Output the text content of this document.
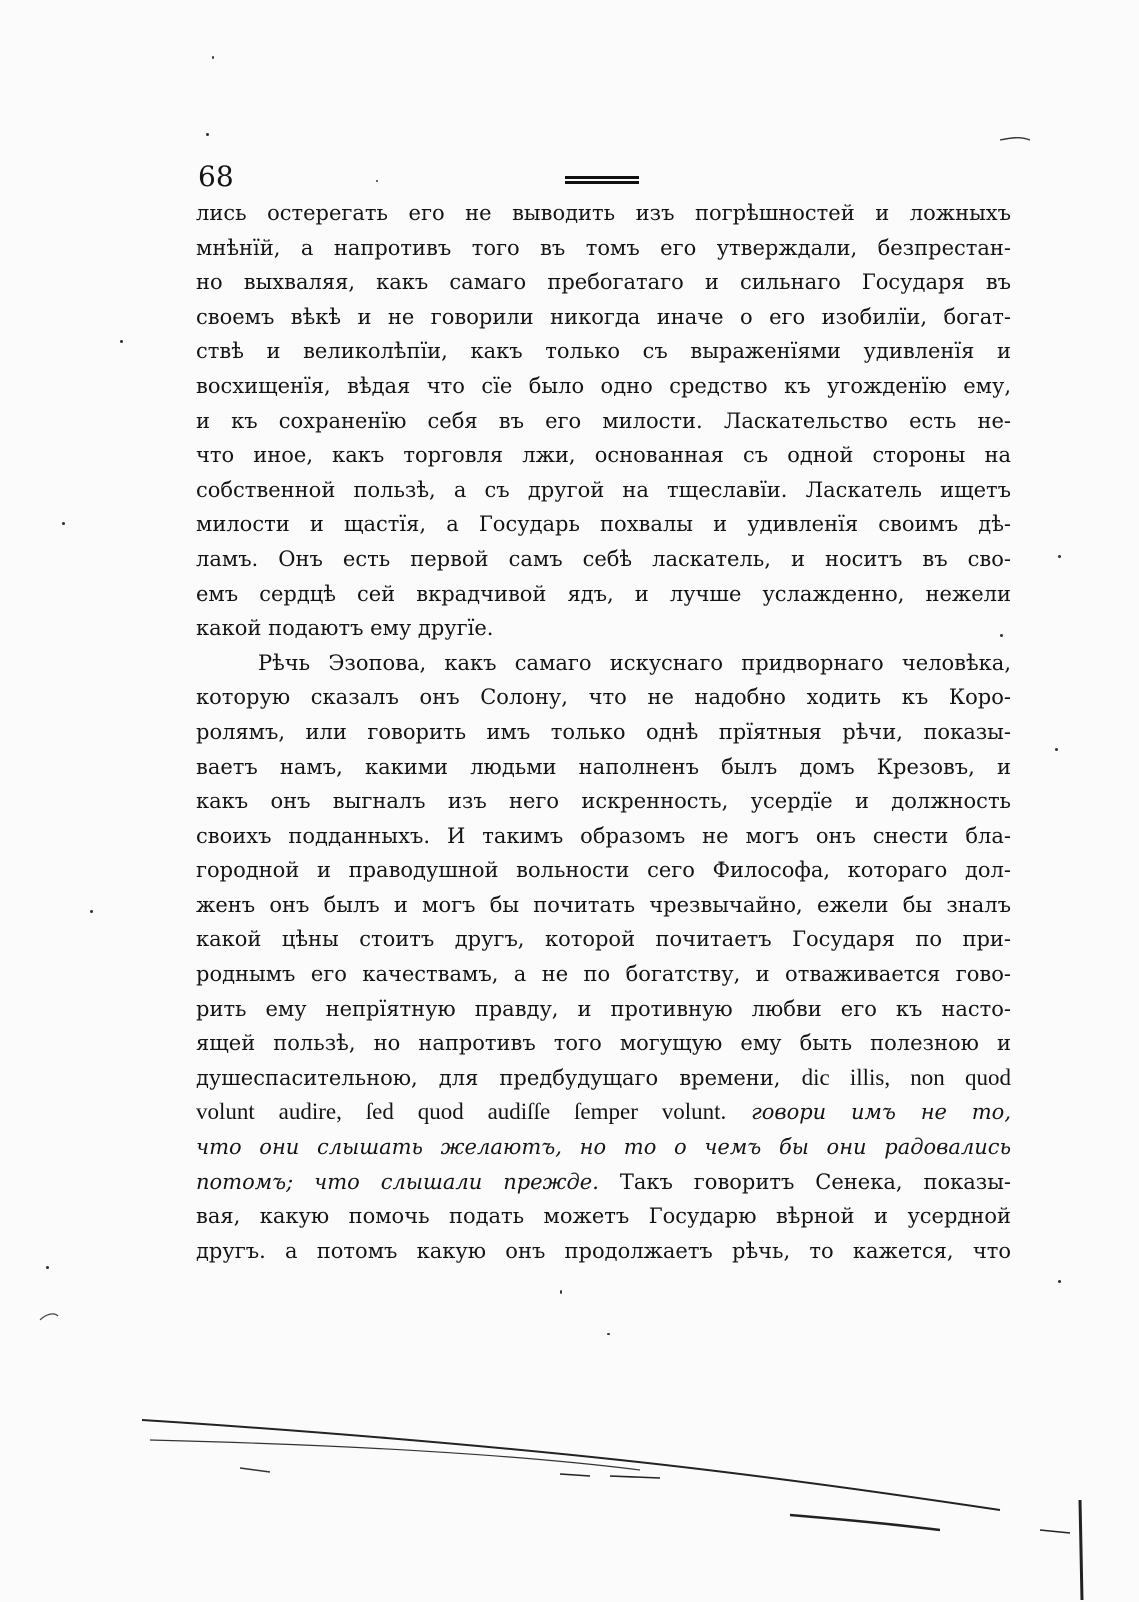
68
лись остерегать его не выводить изъ погрѣшностей и ложныхъ
мнѣнїй, а напротивъ того въ томъ его утверждали, безпрестан-
но выхваляя, какъ самаго пребогатаго и сильнаго Государя въ
своемъ вѣкѣ и не говорили никогда иначе о его изобилїи, богат-
ствѣ и великолѣпїи, какъ только съ выраженїями удивленїя и
восхищенїя, вѣдая что сїе было одно средство къ угожденїю ему,
и къ сохраненїю себя въ его милости. Ласкательство есть не-
что иное, какъ торговля лжи, основанная съ одной стороны на
собственной пользѣ, а съ другой на тщеславїи. Ласкатель ищетъ
милости и щастїя, а Государь похвалы и удивленїя своимъ дѣ-
ламъ. Онъ есть первой самъ себѣ ласкатель, и носитъ въ сво-
емъ сердцѣ сей вкрадчивой ядъ, и лучше услажденно, нежели
какой подаютъ ему другїе.
Рѣчь Эзопова, какъ самаго искуснаго придворнаго человѣка,
которую сказалъ онъ Солону, что не надобно ходить къ Коро-
ролямъ, или говорить имъ только однѣ прїятныя рѣчи, показы-
ваетъ намъ, какими людьми наполненъ былъ домъ Крезовъ, и
какъ онъ выгналъ изъ него искренность, усердїе и должность
своихъ подданныхъ. И такимъ образомъ не могъ онъ снести бла-
городной и праводушной вольности сего Философа, котораго дол-
женъ онъ былъ и могъ бы почитать чрезвычайно, ежели бы зналъ
какой цѣны стоитъ другъ, которой почитаетъ Государя по при-
роднымъ его качествамъ, а не по богатству, и отваживается гово-
рить ему непрїятную правду, и противную любви его къ насто-
ящей пользѣ, но напротивъ того могущую ему быть полезною и
душеспасительною, для предбудущаго времени, dic illis, non quod
volunt audire, ſed quod audiſſe ſemper volunt. говори имъ не то,
что они слышать желаютъ, но то о чемъ бы они радовались
потомъ; что слышали прежде. Такъ говоритъ Сенека, показы-
вая, какую помочь подать можетъ Государю вѣрной и усердной
другъ. а потомъ какую онъ продолжаетъ рѣчь, то кажется, что
